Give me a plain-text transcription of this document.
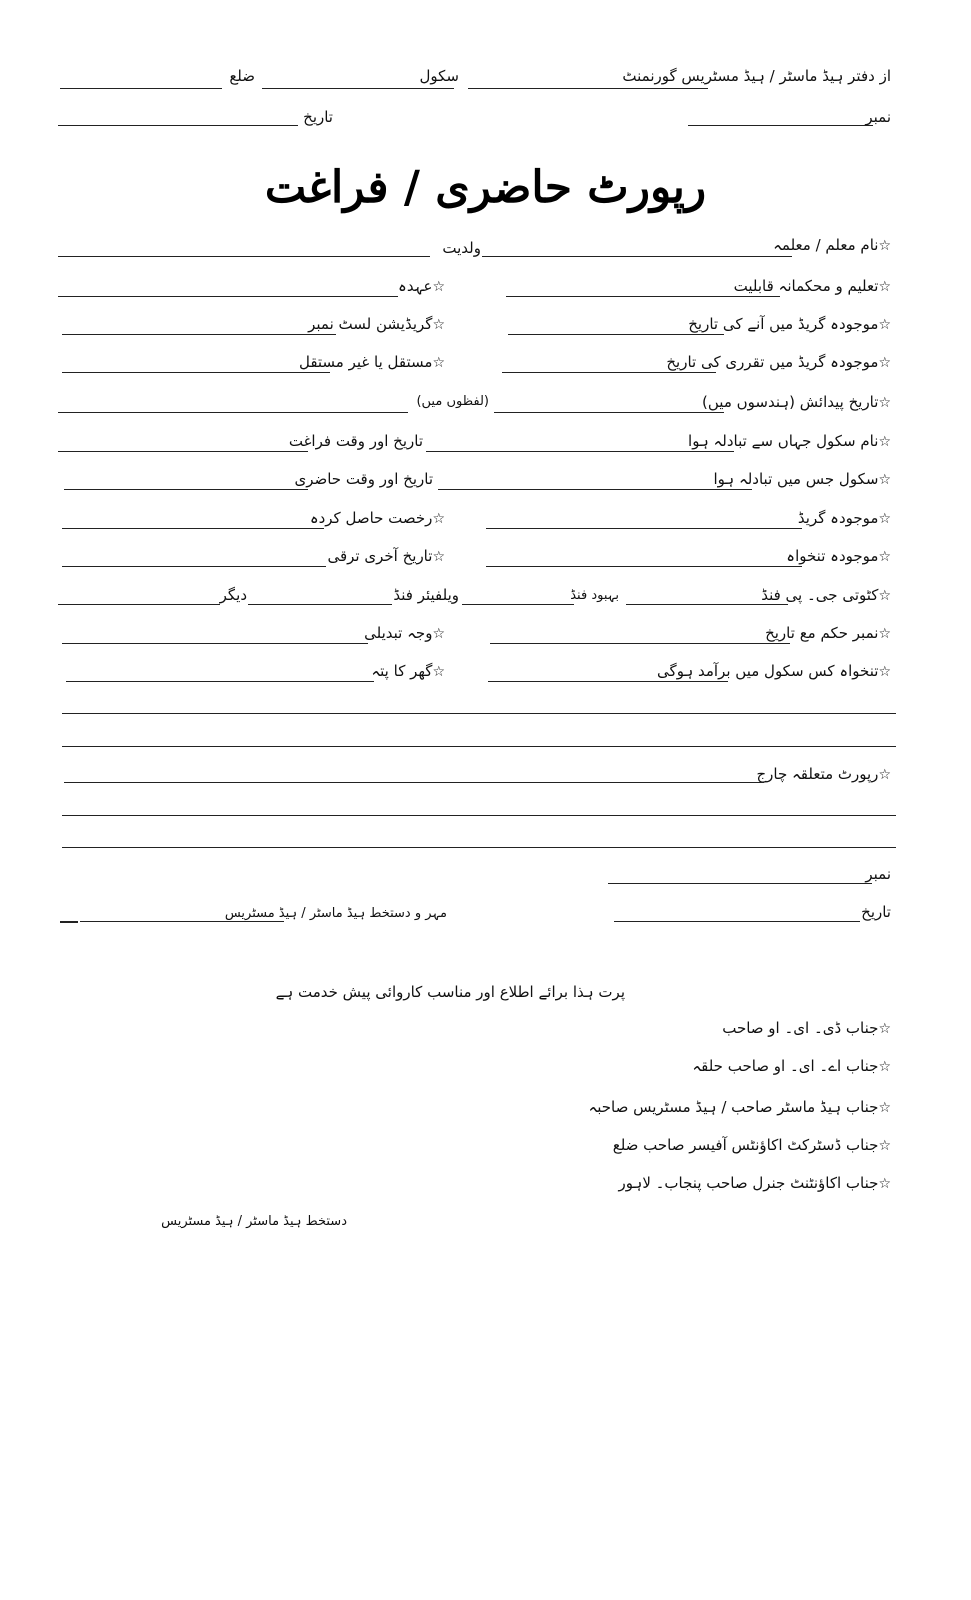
از دفتر ہیڈ ماسٹر / ہیڈ مسٹریس گورنمنٹ
سکول
ضلع
نمبر
تاریخ
رپورٹ حاضری / فراغت
☆نام معلم / معلمہ
ولدیت
☆تعلیم و محکمانہ قابلیت
☆عہدہ
☆موجودہ گریڈ میں آنے کی تاریخ
☆گریڈیشن لسٹ نمبر
☆موجودہ گریڈ میں تقرری کی تاریخ
☆مستقل یا غیر مستقل
☆تاریخ پیدائش (ہندسوں میں)
(لفظوں میں)
☆نام سکول جہاں سے تبادلہ ہوا
تاریخ اور وقت فراغت
☆سکول جس میں تبادلہ ہوا
تاریخ اور وقت حاضری
☆موجودہ گریڈ
☆رخصت حاصل کردہ
☆موجودہ تنخواہ
☆تاریخ آخری ترقی
☆کٹوتی جی۔ پی فنڈ
بہبود فنڈ
ویلفیئر فنڈ
دیگر
☆نمبر حکم مع تاریخ
☆وجہ تبدیلی
☆تنخواہ کس سکول میں برآمد ہوگی
☆گھر کا پتہ
☆رپورٹ متعلقہ چارج
نمبر
تاریخ
مہر و دستخط ہیڈ ماسٹر / ہیڈ مسٹریس
پرت ہذا برائے اطلاع اور مناسب کاروائی پیش خدمت ہے
☆جناب ڈی۔ ای۔ او صاحب
☆جناب اے۔ ای۔ او صاحب حلقہ
☆جناب ہیڈ ماسٹر صاحب / ہیڈ مسٹریس صاحبہ
☆جناب ڈسٹرکٹ اکاؤنٹس آفیسر صاحب ضلع
☆جناب اکاؤنٹنٹ جنرل صاحب پنجاب۔ لاہور
دستخط ہیڈ ماسٹر / ہیڈ مسٹریس
